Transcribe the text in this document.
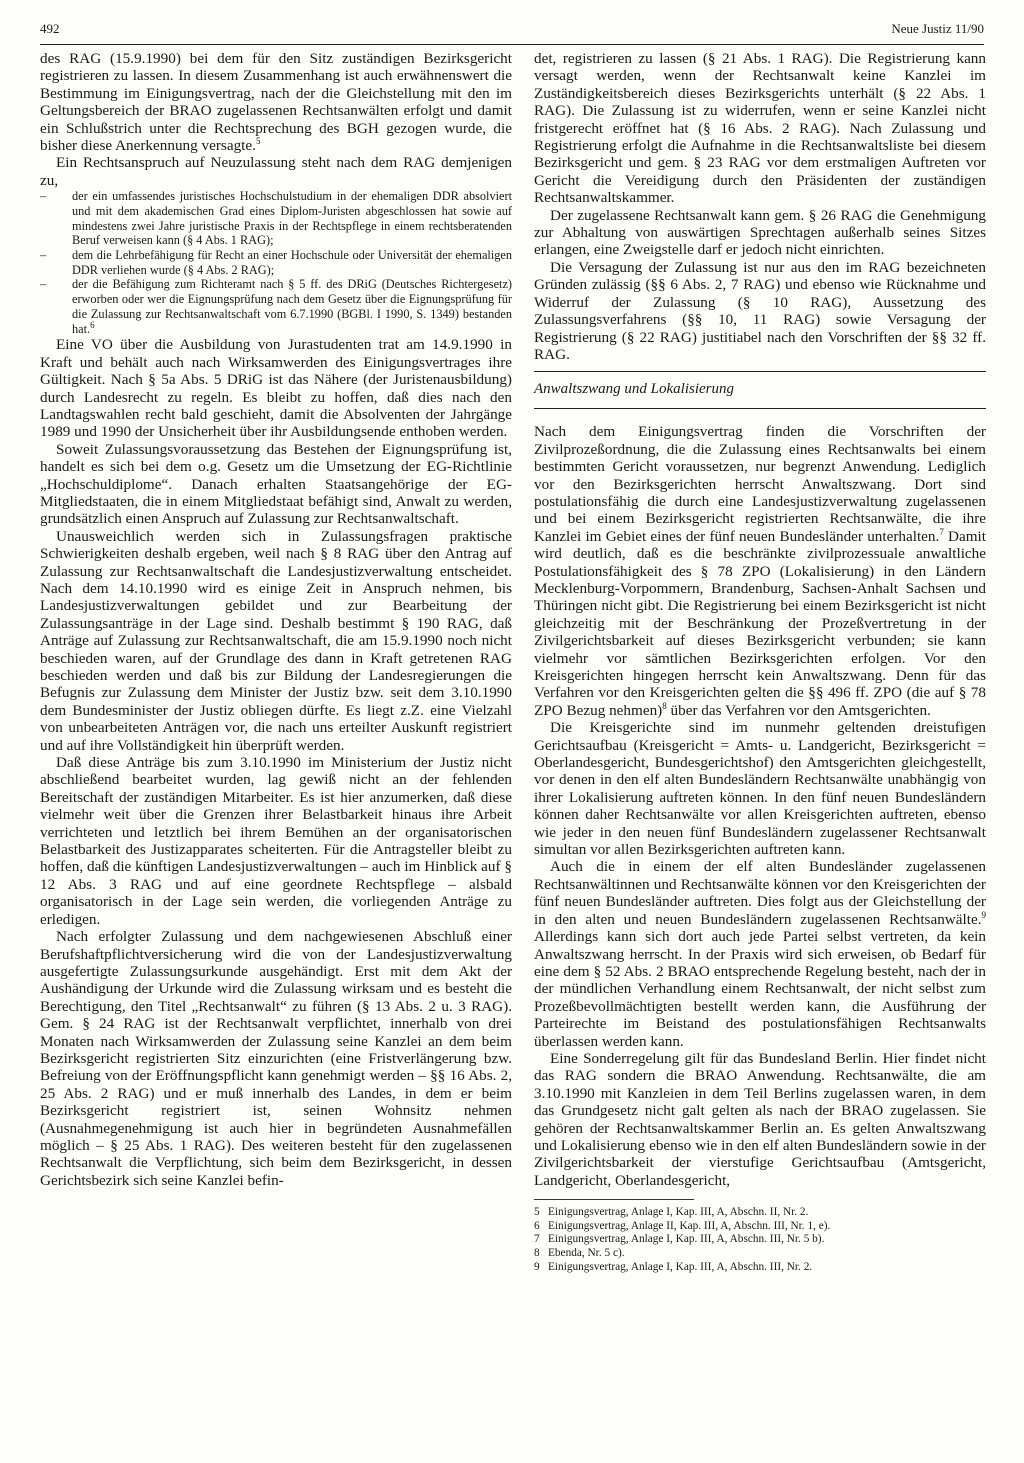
492	Neue Justiz 11/90

des RAG (15.9.1990) bei dem für den Sitz zuständigen Bezirksgericht registrieren zu lassen. In diesem Zusammenhang ist auch erwähnenswert die Bestimmung im Einigungsvertrag, nach der die Gleichstellung mit den im Geltungsbereich der BRAO zugelassenen Rechtsanwälten erfolgt und damit ein Schlußstrich unter die Rechtsprechung des BGH gezogen wurde, die bisher diese Anerkennung versagte.$^5$

Ein Rechtsanspruch auf Neuzulassung steht nach dem RAG demjenigen zu,

– der ein umfassendes juristisches Hochschulstudium in der ehemaligen DDR absolviert und mit dem akademischen Grad eines Diplom-Juristen abgeschlossen hat sowie auf mindestens zwei Jahre juristische Praxis in der Rechtspflege in einem rechtsberatenden Beruf verweisen kann (§ 4 Abs. 1 RAG);
– dem die Lehrbefähigung für Recht an einer Hochschule oder Universität der ehemaligen DDR verliehen wurde (§ 4 Abs. 2 RAG);
– der die Befähigung zum Richteramt nach § 5 ff. des DRiG (Deutsches Richtergesetz) erworben oder wer die Eignungsprüfung nach dem Gesetz über die Eignungsprüfung für die Zulassung zur Rechtsanwaltschaft vom 6.7.1990 (BGBl. I 1990, S. 1349) bestanden hat.$^6$

Eine VO über die Ausbildung von Jurastudenten trat am 14.9.1990 in Kraft und behält auch nach Wirksamwerden des Einigungsvertrages ihre Gültigkeit. Nach § 5a Abs. 5 DRiG ist das Nähere (der Juristenausbildung) durch Landesrecht zu regeln. Es bleibt zu hoffen, daß dies nach den Landtagswahlen recht bald geschieht, damit die Absolventen der Jahrgänge 1989 und 1990 der Unsicherheit über ihr Ausbildungsende enthoben werden.

Soweit Zulassungsvoraussetzung das Bestehen der Eignungsprüfung ist, handelt es sich bei dem o.g. Gesetz um die Umsetzung der EG-Richtlinie „Hochschuldiplome“. Danach erhalten Staatsangehörige der EG-Mitgliedstaaten, die in einem Mitgliedstaat befähigt sind, Anwalt zu werden, grundsätzlich einen Anspruch auf Zulassung zur Rechtsanwaltschaft.

Unausweichlich werden sich in Zulassungsfragen praktische Schwierigkeiten deshalb ergeben, weil nach § 8 RAG über den Antrag auf Zulassung zur Rechtsanwaltschaft die Landesjustizverwaltung entscheidet. Nach dem 14.10.1990 wird es einige Zeit in Anspruch nehmen, bis Landesjustizverwaltungen gebildet und zur Bearbeitung der Zulassungsanträge in der Lage sind. Deshalb bestimmt § 190 RAG, daß Anträge auf Zulassung zur Rechtsanwaltschaft, die am 15.9.1990 noch nicht beschieden waren, auf der Grundlage des dann in Kraft getretenen RAG beschieden werden und daß bis zur Bildung der Landesregierungen die Befugnis zur Zulassung dem Minister der Justiz bzw. seit dem 3.10.1990 dem Bundesminister der Justiz obliegen dürfte. Es liegt z.Z. eine Vielzahl von unbearbeiteten Anträgen vor, die nach uns erteilter Auskunft registriert und auf ihre Vollständigkeit hin überprüft werden.

Daß diese Anträge bis zum 3.10.1990 im Ministerium der Justiz nicht abschließend bearbeitet wurden, lag gewiß nicht an der fehlenden Bereitschaft der zuständigen Mitarbeiter. Es ist hier anzumerken, daß diese vielmehr weit über die Grenzen ihrer Belastbarkeit hinaus ihre Arbeit verrichteten und letztlich bei ihrem Bemühen an der organisatorischen Belastbarkeit des Justizapparates scheiterten. Für die Antragsteller bleibt zu hoffen, daß die künftigen Landesjustizverwaltungen – auch im Hinblick auf § 12 Abs. 3 RAG und auf eine geordnete Rechtspflege – alsbald organisatorisch in der Lage sein werden, die vorliegenden Anträge zu erledigen.

Nach erfolgter Zulassung und dem nachgewiesenen Abschluß einer Berufshaftpflichtversicherung wird die von der Landesjustizverwaltung ausgefertigte Zulassungsurkunde ausgehändigt. Erst mit dem Akt der Aushändigung der Urkunde wird die Zulassung wirksam und es besteht die Berechtigung, den Titel „Rechtsanwalt“ zu führen (§ 13 Abs. 2 u. 3 RAG). Gem. § 24 RAG ist der Rechtsanwalt verpflichtet, innerhalb von drei Monaten nach Wirksamwerden der Zulassung seine Kanzlei an dem beim Bezirksgericht registrierten Sitz einzurichten (eine Fristverlängerung bzw. Befreiung von der Eröffnungspflicht kann genehmigt werden – §§ 16 Abs. 2, 25 Abs. 2 RAG) und er muß innerhalb des Landes, in dem er beim Bezirksgericht registriert ist, seinen Wohnsitz nehmen (Ausnahmegenehmigung ist auch hier in begründeten Ausnahmefällen möglich – § 25 Abs. 1 RAG). Des weiteren besteht für den zugelassenen Rechtsanwalt die Verpflichtung, sich beim dem Bezirksgericht, in dessen Gerichtsbezirk sich seine Kanzlei befin-

det, registrieren zu lassen (§ 21 Abs. 1 RAG). Die Registrierung kann versagt werden, wenn der Rechtsanwalt keine Kanzlei im Zuständigkeitsbereich dieses Bezirksgerichts unterhält (§ 22 Abs. 1 RAG). Die Zulassung ist zu widerrufen, wenn er seine Kanzlei nicht fristgerecht eröffnet hat (§ 16 Abs. 2 RAG). Nach Zulassung und Registrierung erfolgt die Aufnahme in die Rechtsanwaltsliste bei diesem Bezirksgericht und gem. § 23 RAG vor dem erstmaligen Auftreten vor Gericht die Vereidigung durch den Präsidenten der zuständigen Rechtsanwaltskammer.

Der zugelassene Rechtsanwalt kann gem. § 26 RAG die Genehmigung zur Abhaltung von auswärtigen Sprechtagen außerhalb seines Sitzes erlangen, eine Zweigstelle darf er jedoch nicht einrichten.

Die Versagung der Zulassung ist nur aus den im RAG bezeichneten Gründen zulässig (§§ 6 Abs. 2, 7 RAG) und ebenso wie Rücknahme und Widerruf der Zulassung (§ 10 RAG), Aussetzung des Zulassungsverfahrens (§§ 10, 11 RAG) sowie Versagung der Registrierung (§ 22 RAG) justitiabel nach den Vorschriften der §§ 32 ff. RAG.

Anwaltszwang und Lokalisierung

Nach dem Einigungsvertrag finden die Vorschriften der Zivilprozeßordnung, die die Zulassung eines Rechtsanwalts bei einem bestimmten Gericht voraussetzen, nur begrenzt Anwendung. Lediglich vor den Bezirksgerichten herrscht Anwaltszwang. Dort sind postulationsfähig die durch eine Landesjustizverwaltung zugelassenen und bei einem Bezirksgericht registrierten Rechtsanwälte, die ihre Kanzlei im Gebiet eines der fünf neuen Bundesländer unterhalten.$^7$ Damit wird deutlich, daß es die beschränkte zivilprozessuale anwaltliche Postulationsfähigkeit des § 78 ZPO (Lokalisierung) in den Ländern Mecklenburg-Vorpommern, Brandenburg, Sachsen-Anhalt Sachsen und Thüringen nicht gibt. Die Registrierung bei einem Bezirksgericht ist nicht gleichzeitig mit der Beschränkung der Prozeßvertretung in der Zivilgerichtsbarkeit auf dieses Bezirksgericht verbunden; sie kann vielmehr vor sämtlichen Bezirksgerichten erfolgen. Vor den Kreisgerichten hingegen herrscht kein Anwaltszwang. Denn für das Verfahren vor den Kreisgerichten gelten die §§ 496 ff. ZPO (die auf § 78 ZPO Bezug nehmen)$^8$ über das Verfahren vor den Amtsgerichten.

Die Kreisgerichte sind im nunmehr geltenden dreistufigen Gerichtsaufbau (Kreisgericht = Amts- u. Landgericht, Bezirksgericht = Oberlandesgericht, Bundesgerichtshof) den Amtsgerichten gleichgestellt, vor denen in den elf alten Bundesländern Rechtsanwälte unabhängig von ihrer Lokalisierung auftreten können. In den fünf neuen Bundesländern können daher Rechtsanwälte vor allen Kreisgerichten auftreten, ebenso wie jeder in den neuen fünf Bundesländern zugelassener Rechtsanwalt simultan vor allen Bezirksgerichten auftreten kann.

Auch die in einem der elf alten Bundesländer zugelassenen Rechtsanwältinnen und Rechtsanwälte können vor den Kreisgerichten der fünf neuen Bundesländer auftreten. Dies folgt aus der Gleichstellung der in den alten und neuen Bundesländern zugelassenen Rechtsanwälte.$^9$ Allerdings kann sich dort auch jede Partei selbst vertreten, da kein Anwaltszwang herrscht. In der Praxis wird sich erweisen, ob Bedarf für eine dem § 52 Abs. 2 BRAO entsprechende Regelung besteht, nach der in der mündlichen Verhandlung einem Rechtsanwalt, der nicht selbst zum Prozeßbevollmächtigten bestellt werden kann, die Ausführung der Parteirechte im Beistand des postulationsfähigen Rechtsanwalts überlassen werden kann.

Eine Sonderregelung gilt für das Bundesland Berlin. Hier findet nicht das RAG sondern die BRAO Anwendung. Rechtsanwälte, die am 3.10.1990 mit Kanzleien in dem Teil Berlins zugelassen waren, in dem das Grundgesetz nicht galt gelten als nach der BRAO zugelassen. Sie gehören der Rechtsanwaltskammer Berlin an. Es gelten Anwaltszwang und Lokalisierung ebenso wie in den elf alten Bundesländern sowie in der Zivilgerichtsbarkeit der vierstufige Gerichtsaufbau (Amtsgericht, Landgericht, Oberlandesgericht,

5 Einigungsvertrag, Anlage I, Kap. III, A, Abschn. II, Nr. 2.
6 Einigungsvertrag, Anlage II, Kap. III, A, Abschn. III, Nr. 1, e).
7 Einigungsvertrag, Anlage I, Kap. III, A, Abschn. III, Nr. 5 b).
8 Ebenda, Nr. 5 c).
9 Einigungsvertrag, Anlage I, Kap. III, A, Abschn. III, Nr. 2.
